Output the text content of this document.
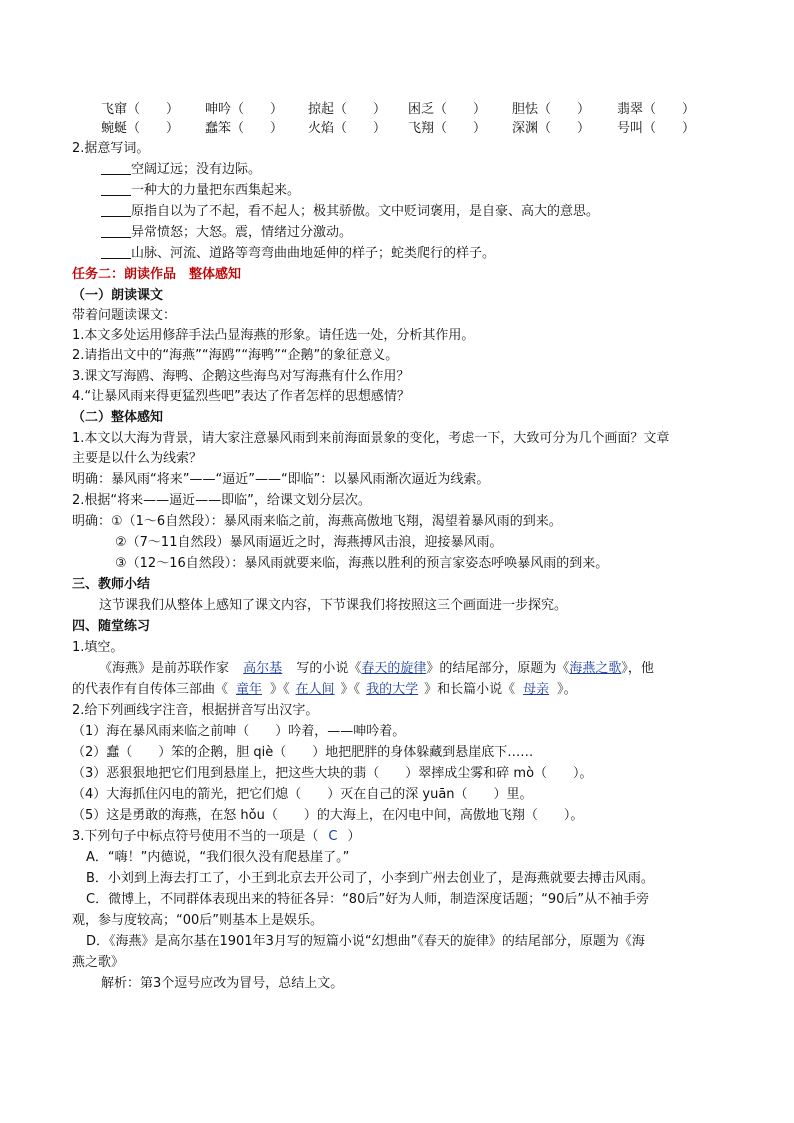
飞窜（　　） 呻吟（　　） 掠起（　　） 困乏（　　） 胆怯（　　） 翡翠（　　）
蜿蜒（　　） 蠢笨（　　） 火焰（　　） 飞翔（　　） 深渊（　　） 号叫（　　）
2.据意写词。
空阔辽远；没有边际。
一种大的力量把东西集起来。
原指自以为了不起，看不起人；极其骄傲。文中贬词褒用，是自豪、高大的意思。
异常愤怒；大怒。震，情绪过分激动。
山脉、河流、道路等弯弯曲曲地延伸的样子；蛇类爬行的样子。
任务二：朗读作品　整体感知
（一）朗读课文
带着问题读课文：
1.本文多处运用修辞手法凸显海燕的形象。请任选一处，分析其作用。
2.请指出文中的“海燕”“海鸥”“海鸭”“企鹅”的象征意义。
3.课文写海鸥、海鸭、企鹅这些海鸟对写海燕有什么作用？
4.“让暴风雨来得更猛烈些吧”表达了作者怎样的思想感情？
（二）整体感知
1.本文以大海为背景，请大家注意暴风雨到来前海面景象的变化，考虑一下，大致可分为几个画面？文章
主要是以什么为线索？
明确：暴风雨“将来”——“逼近”——“即临”：以暴风雨渐次逼近为线索。
2.根据“将来——逼近——即临”，给课文划分层次。
明确：①（1～6自然段）：暴风雨来临之前，海燕高傲地飞翔，渴望着暴风雨的到来。
②（7～11自然段）暴风雨逼近之时，海燕搏风击浪，迎接暴风雨。
③（12～16自然段）：暴风雨就要来临，海燕以胜利的预言家姿态呼唤暴风雨的到来。
三、教师小结
这节课我们从整体上感知了课文内容，下节课我们将按照这三个画面进一步探究。
四、随堂练习
1.填空。
《海燕》是前苏联作家 高尔基 写的小说《春天的旋律》的结尾部分，原题为《海燕之歌》，他
的代表作有自传体三部曲《 童年 》《 在人间 》《 我的大学 》和长篇小说《 母亲 》。
2.给下列画线字注音，根据拼音写出汉字。
（1）海在暴风雨来临之前呻（　　）吟着，——呻吟着。
（2）蠢（　　）笨的企鹅，胆 qiè（　　）地把肥胖的身体躲藏到悬崖底下……
（3）恶狠狠地把它们甩到悬崖上，把这些大块的翡（　　）翠摔成尘雾和碎 mò（　　）。
（4）大海抓住闪电的箭光，把它们熄（　　）灭在自己的深 yuān（　　）里。
（5）这是勇敢的海燕，在怒 hǒu（　　）的大海上，在闪电中间，高傲地飞翔（　　）。
3.下列句子中标点符号使用不当的一项是（ C ）
A．“嗨！”内德说，“我们很久没有爬悬崖了。”
B．小刘到上海去打工了，小王到北京去开公司了，小李到广州去创业了，是海燕就要去搏击风雨。
C．微博上，不同群体表现出来的特征各异：“80后”好为人师，制造深度话题；“90后”从不袖手旁
观，参与度较高；“00后”则基本上是娱乐。
D．《海燕》是高尔基在1901年3月写的短篇小说“幻想曲”《春天的旋律》的结尾部分，原题为《海
燕之歌》
解析：第3个逗号应改为冒号，总结上文。
